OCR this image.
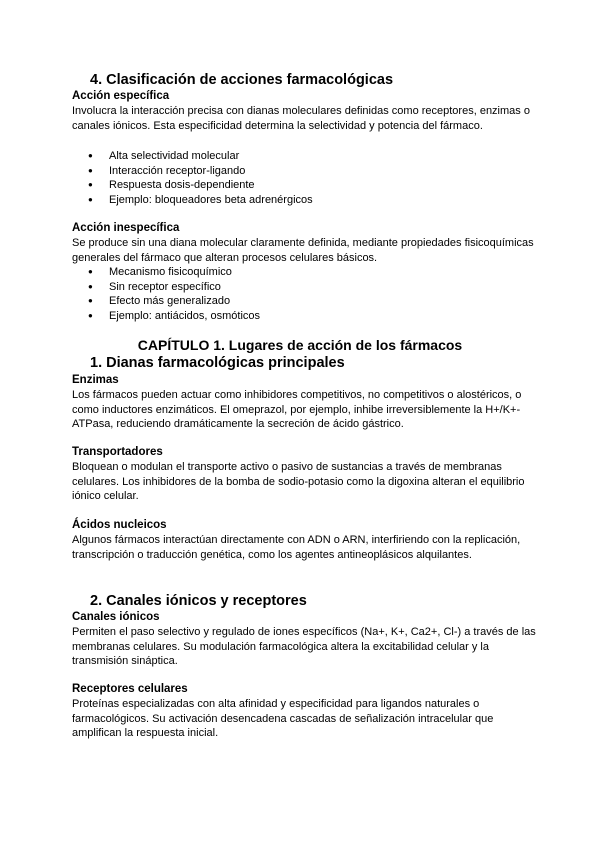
4. Clasificación de acciones farmacológicas
Acción específica
Involucra la interacción precisa con dianas moleculares definidas como receptores, enzimas o canales iónicos. Esta especificidad determina la selectividad y potencia del fármaco.
● Alta selectividad molecular
● Interacción receptor-ligando
● Respuesta dosis-dependiente
● Ejemplo: bloqueadores beta adrenérgicos
Acción inespecífica
Se produce sin una diana molecular claramente definida, mediante propiedades fisicoquímicas generales del fármaco que alteran procesos celulares básicos.
● Mecanismo fisicoquímico
● Sin receptor específico
● Efecto más generalizado
● Ejemplo: antiácidos, osmóticos
CAPÍTULO 1. Lugares de acción de los fármacos
1. Dianas farmacológicas principales
Enzimas
Los fármacos pueden actuar como inhibidores competitivos, no competitivos o alostéricos, o como inductores enzimáticos. El omeprazol, por ejemplo, inhibe irreversiblemente la H+/K+-ATPasa, reduciendo dramáticamente la secreción de ácido gástrico.
Transportadores
Bloquean o modulan el transporte activo o pasivo de sustancias a través de membranas celulares. Los inhibidores de la bomba de sodio-potasio como la digoxina alteran el equilibrio iónico celular.
Ácidos nucleicos
Algunos fármacos interactúan directamente con ADN o ARN, interfiriendo con la replicación, transcripción o traducción genética, como los agentes antineoplásicos alquilantes.
2. Canales iónicos y receptores
Canales iónicos
Permiten el paso selectivo y regulado de iones específicos (Na+, K+, Ca2+, Cl-) a través de las membranas celulares. Su modulación farmacológica altera la excitabilidad celular y la transmisión sináptica.
Receptores celulares
Proteínas especializadas con alta afinidad y especificidad para ligandos naturales o farmacológicos. Su activación desencadena cascadas de señalización intracelular que amplifican la respuesta inicial.
